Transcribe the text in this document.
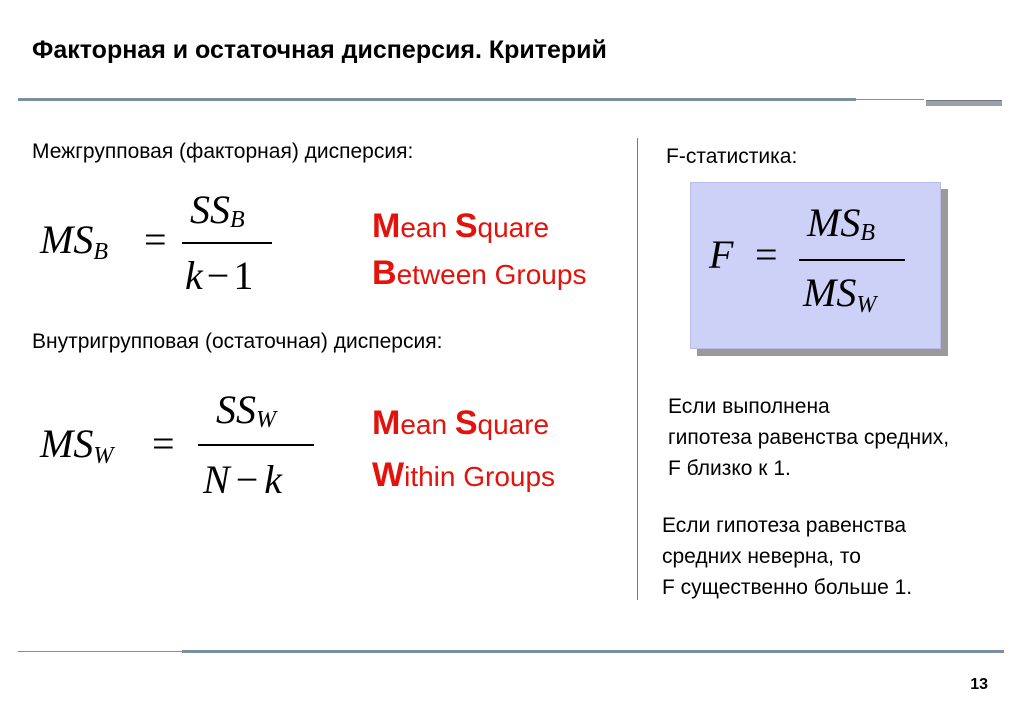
Факторная и остаточная дисперсия. Критерий
Межгрупповая (факторная) дисперсия:
$MS_B$ =
$SS_B$
k − 1
Mean Square
Between Groups
Внутригрупповая (остаточная) дисперсия:
$MS_W$ =
$SS_W$
N − k
Mean Square
Within Groups
F-статистика:
F =
$MS_B$
$MS_W$
Если выполнена
гипотеза равенства средних,
F близко к 1.
Если гипотеза равенства
средних неверна, то
F существенно больше 1.
13
